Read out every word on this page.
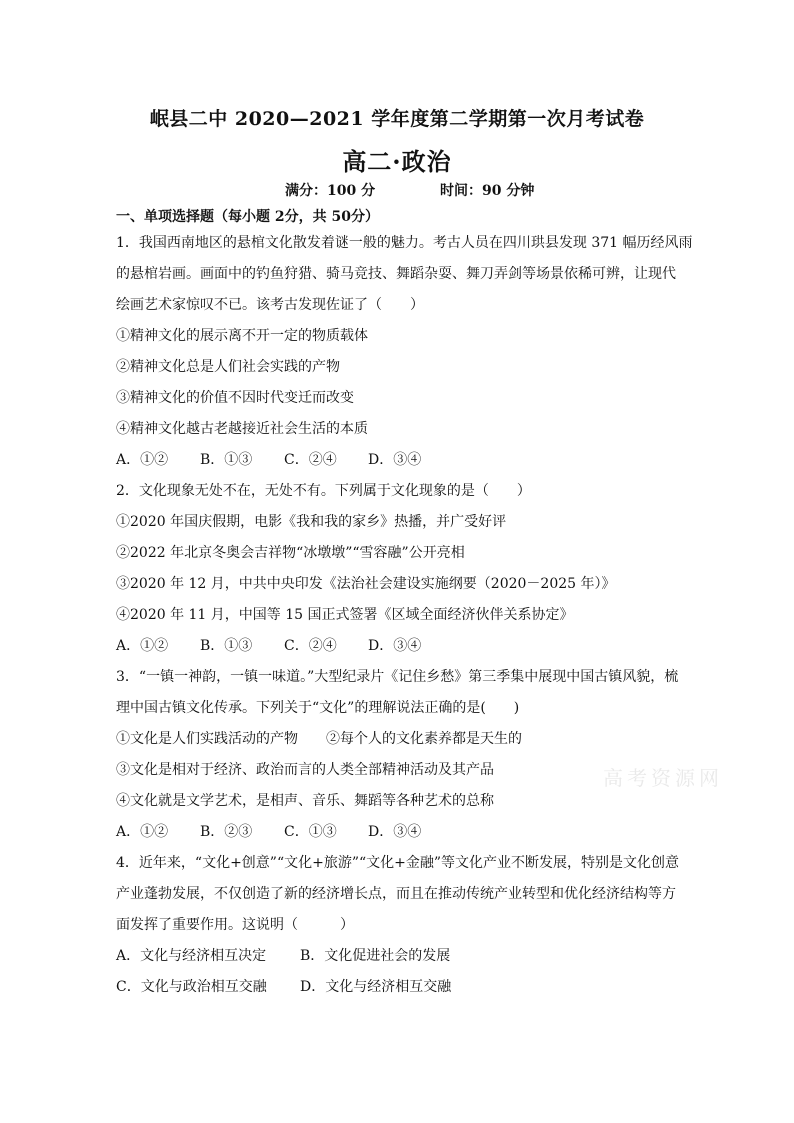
岷县二中 2020—2021 学年度第二学期第一次月考试卷
高二·政治
满分：100 分	时间：90 分钟
一、单项选择题（每小题 2分，共 50分）
1．我国西南地区的悬棺文化散发着谜一般的魅力。考古人员在四川珙县发现 371 幅历经风雨
的悬棺岩画。画面中的钓鱼狩猎、骑马竞技、舞蹈杂耍、舞刀弄剑等场景依稀可辨，让现代
绘画艺术家惊叹不已。该考古发现佐证了（　　）
①精神文化的展示离不开一定的物质载体
②精神文化总是人们社会实践的产物
③精神文化的价值不因时代变迁而改变
④精神文化越古老越接近社会生活的本质
A．①② B．①③ C．②④ D．③④
2．文化现象无处不在，无处不有。下列属于文化现象的是（　　）
①2020 年国庆假期，电影《我和我的家乡》热播，并广受好评
②2022 年北京冬奥会吉祥物“冰墩墩”“雪容融”公开亮相
③2020 年 12 月，中共中央印发《法治社会建设实施纲要（2020－2025 年）》
④2020 年 11 月，中国等 15 国正式签署《区域全面经济伙伴关系协定》
A．①② B．①③ C．②④ D．③④
3．“一镇一神韵，一镇一味道。”大型纪录片《记住乡愁》第三季集中展现中国古镇风貌，梳
理中国古镇文化传承。下列关于“文化”的理解说法正确的是(　　)
①文化是人们实践活动的产物　　②每个人的文化素养都是天生的
③文化是相对于经济、政治而言的人类全部精神活动及其产品
④文化就是文学艺术，是相声、音乐、舞蹈等各种艺术的总称
A．①② B．②③ C．①③ D．③④
4．近年来，“文化+创意”“文化+旅游”“文化+金融”等文化产业不断发展，特别是文化创意
产业蓬勃发展，不仅创造了新的经济增长点，而且在推动传统产业转型和优化经济结构等方
面发挥了重要作用。这说明（　　　）
A．文化与经济相互决定 B．文化促进社会的发展
C．文化与政治相互交融 D．文化与经济相互交融
高考资源网
